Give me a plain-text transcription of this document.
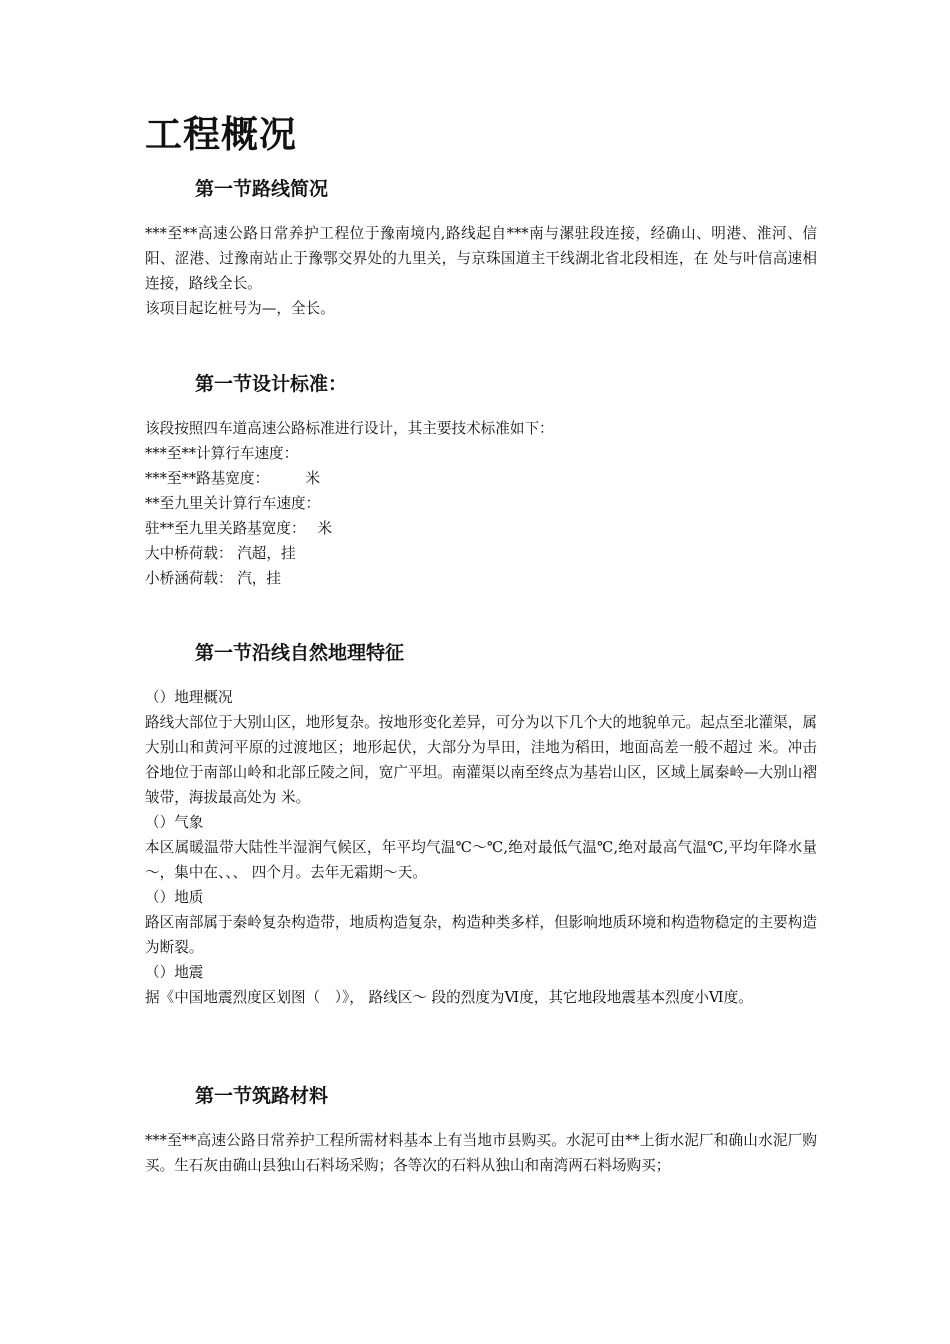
工程概况
第一节路线简况
***至**高速公路日常养护工程位于豫南境内,路线起自***南与漯驻段连接，经确山、明港、淮河、信阳、涩港、过豫南站止于豫鄂交界处的九里关，与京珠国道主干线湖北省北段相连，在 处与叶信高速相连接，路线全长。
该项目起讫桩号为—，全长。
第一节设计标准：
该段按照四车道高速公路标准进行设计，其主要技术标准如下：
***至**计算行车速度：
***至**路基宽度：　　　米
**至九里关计算行车速度：
驻**至九里关路基宽度：　 米
大中桥荷载： 汽超，挂
小桥涵荷载： 汽，挂
第一节沿线自然地理特征
（）地理概况
路线大部位于大别山区，地形复杂。按地形变化差异，可分为以下几个大的地貌单元。起点至北灌渠，属大别山和黄河平原的过渡地区；地形起伏，大部分为旱田，洼地为稻田，地面高差一般不超过 米。冲击谷地位于南部山岭和北部丘陵之间，宽广平坦。南灌渠以南至终点为基岩山区，区域上属秦岭—大别山褶皱带，海拔最高处为 米。
（）气象
本区属暖温带大陆性半湿润气候区，年平均气温℃～℃,绝对最低气温℃,绝对最高气温℃,平均年降水量～，集中在、、、 四个月。去年无霜期～天。
（）地质
路区南部属于秦岭复杂构造带，地质构造复杂，构造种类多样，但影响地质环境和构造物稳定的主要构造为断裂。
（）地震
据《中国地震烈度区划图（　）》， 路线区～ 段的烈度为Ⅵ度，其它地段地震基本烈度小Ⅵ度。
第一节筑路材料
***至**高速公路日常养护工程所需材料基本上有当地市县购买。水泥可由**上街水泥厂和确山水泥厂购买。生石灰由确山县独山石料场采购；各等次的石料从独山和南湾两石料场购买；
